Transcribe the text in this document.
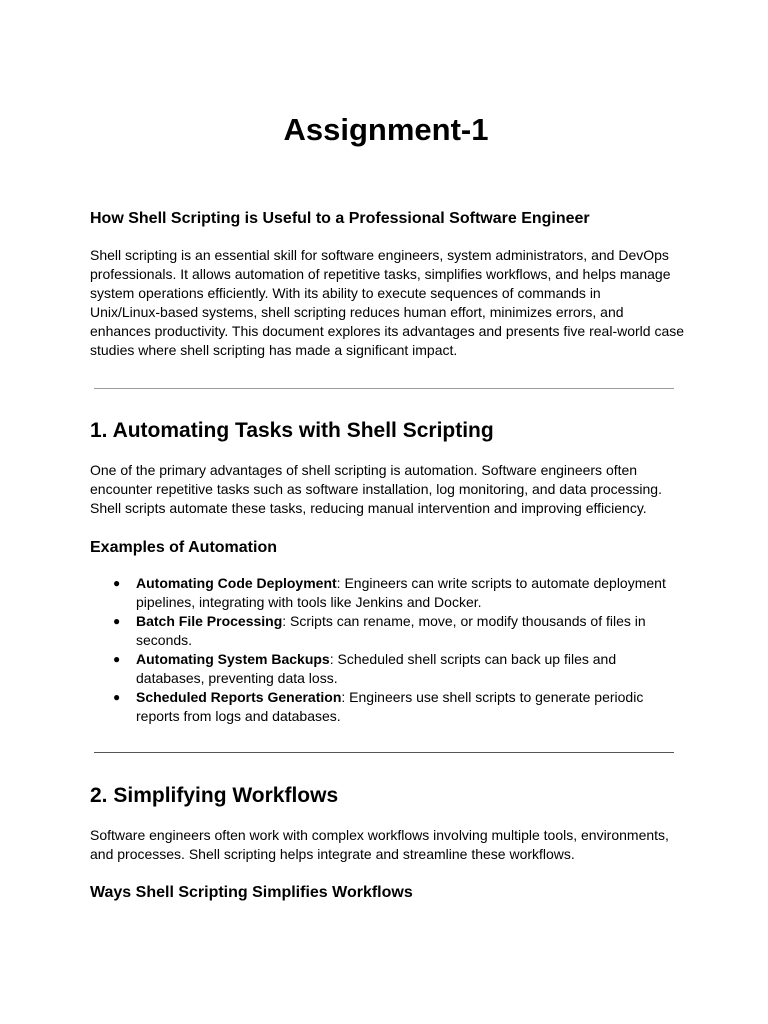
Assignment-1
How Shell Scripting is Useful to a Professional Software Engineer

Shell scripting is an essential skill for software engineers, system administrators, and DevOps
professionals. It allows automation of repetitive tasks, simplifies workflows, and helps manage
system operations efficiently. With its ability to execute sequences of commands in
Unix/Linux-based systems, shell scripting reduces human effort, minimizes errors, and
enhances productivity. This document explores its advantages and presents five real-world case
studies where shell scripting has made a significant impact.

1. Automating Tasks with Shell Scripting

One of the primary advantages of shell scripting is automation. Software engineers often
encounter repetitive tasks such as software installation, log monitoring, and data processing.
Shell scripts automate these tasks, reducing manual intervention and improving efficiency.

Examples of Automation
● Automating Code Deployment: Engineers can write scripts to automate deployment
pipelines, integrating with tools like Jenkins and Docker.
● Batch File Processing: Scripts can rename, move, or modify thousands of files in
seconds.
● Automating System Backups: Scheduled shell scripts can back up files and
databases, preventing data loss.
● Scheduled Reports Generation: Engineers use shell scripts to generate periodic
reports from logs and databases.
2. Simplifying Workflows

Software engineers often work with complex workflows involving multiple tools, environments,
and processes. Shell scripting helps integrate and streamline these workflows.

Ways Shell Scripting Simplifies Workflows
